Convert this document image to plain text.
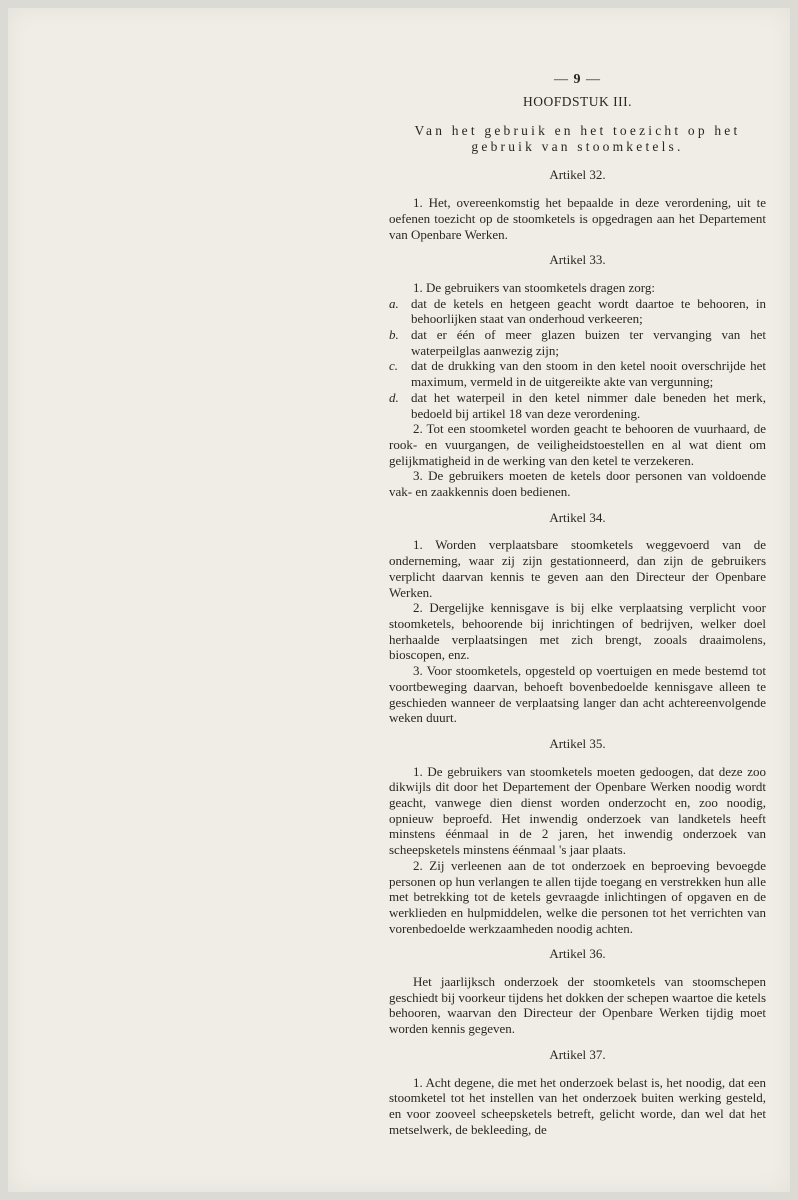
— 9 —
HOOFDSTUK III.
Van het gebruik en het toezicht op het gebruik van stoomketels.
Artikel 32.

1. Het, overeenkomstig het bepaalde in deze verordening, uit te oefenen toezicht op de stoomketels is opgedragen aan het Departement van Openbare Werken.

Artikel 33.

1. De gebruikers van stoomketels dragen zorg:

a. dat de ketels en hetgeen geacht wordt daartoe te behooren, in behoorlijken staat van onderhoud verkeeren;

b. dat er één of meer glazen buizen ter vervanging van het waterpeilglas aanwezig zijn;

c. dat de drukking van den stoom in den ketel nooit overschrijde het maximum, vermeld in de uitgereikte akte van vergunning;

d. dat het waterpeil in den ketel nimmer dale beneden het merk, bedoeld bij artikel 18 van deze verordening.

2. Tot een stoomketel worden geacht te behooren de vuurhaard, de rook- en vuurgangen, de veiligheidstoestellen en al wat dient om gelijkmatigheid in de werking van den ketel te verzekeren.

3. De gebruikers moeten de ketels door personen van voldoende vak- en zaakkennis doen bedienen.

Artikel 34.

1. Worden verplaatsbare stoomketels weggevoerd van de onderneming, waar zij zijn gestationneerd, dan zijn de gebruikers verplicht daarvan kennis te geven aan den Directeur der Openbare Werken.

2. Dergelijke kennisgave is bij elke verplaatsing verplicht voor stoomketels, behoorende bij inrichtingen of bedrijven, welker doel herhaalde verplaatsingen met zich brengt, zooals draaimolens, bioscopen, enz.

3. Voor stoomketels, opgesteld op voertuigen en mede bestemd tot voortbeweging daarvan, behoeft bovenbedoelde kennisgave alleen te geschieden wanneer de verplaatsing langer dan acht achtereenvolgende weken duurt.

Artikel 35.

1. De gebruikers van stoomketels moeten gedoogen, dat deze zoo dikwijls dit door het Departement der Openbare Werken noodig wordt geacht, vanwege dien dienst worden onderzocht en, zoo noodig, opnieuw beproefd. Het inwendig onderzoek van landketels heeft minstens éénmaal in de 2 jaren, het inwendig onderzoek van scheepsketels minstens éénmaal 's jaar plaats.

2. Zij verleenen aan de tot onderzoek en beproeving bevoegde personen op hun verlangen te allen tijde toegang en verstrekken hun alle met betrekking tot de ketels gevraagde inlichtingen of opgaven en de werklieden en hulpmiddelen, welke die personen tot het verrichten van vorenbedoelde werkzaamheden noodig achten.

Artikel 36.

Het jaarlijksch onderzoek der stoomketels van stoomschepen geschiedt bij voorkeur tijdens het dokken der schepen waartoe die ketels behooren, waarvan den Directeur der Openbare Werken tijdig moet worden kennis gegeven.

Artikel 37.

1. Acht degene, die met het onderzoek belast is, het noodig, dat een stoomketel tot het instellen van het onderzoek buiten werking gesteld, en voor zooveel scheepsketels betreft, gelicht worde, dan wel dat het metselwerk, de bekleeding, de
